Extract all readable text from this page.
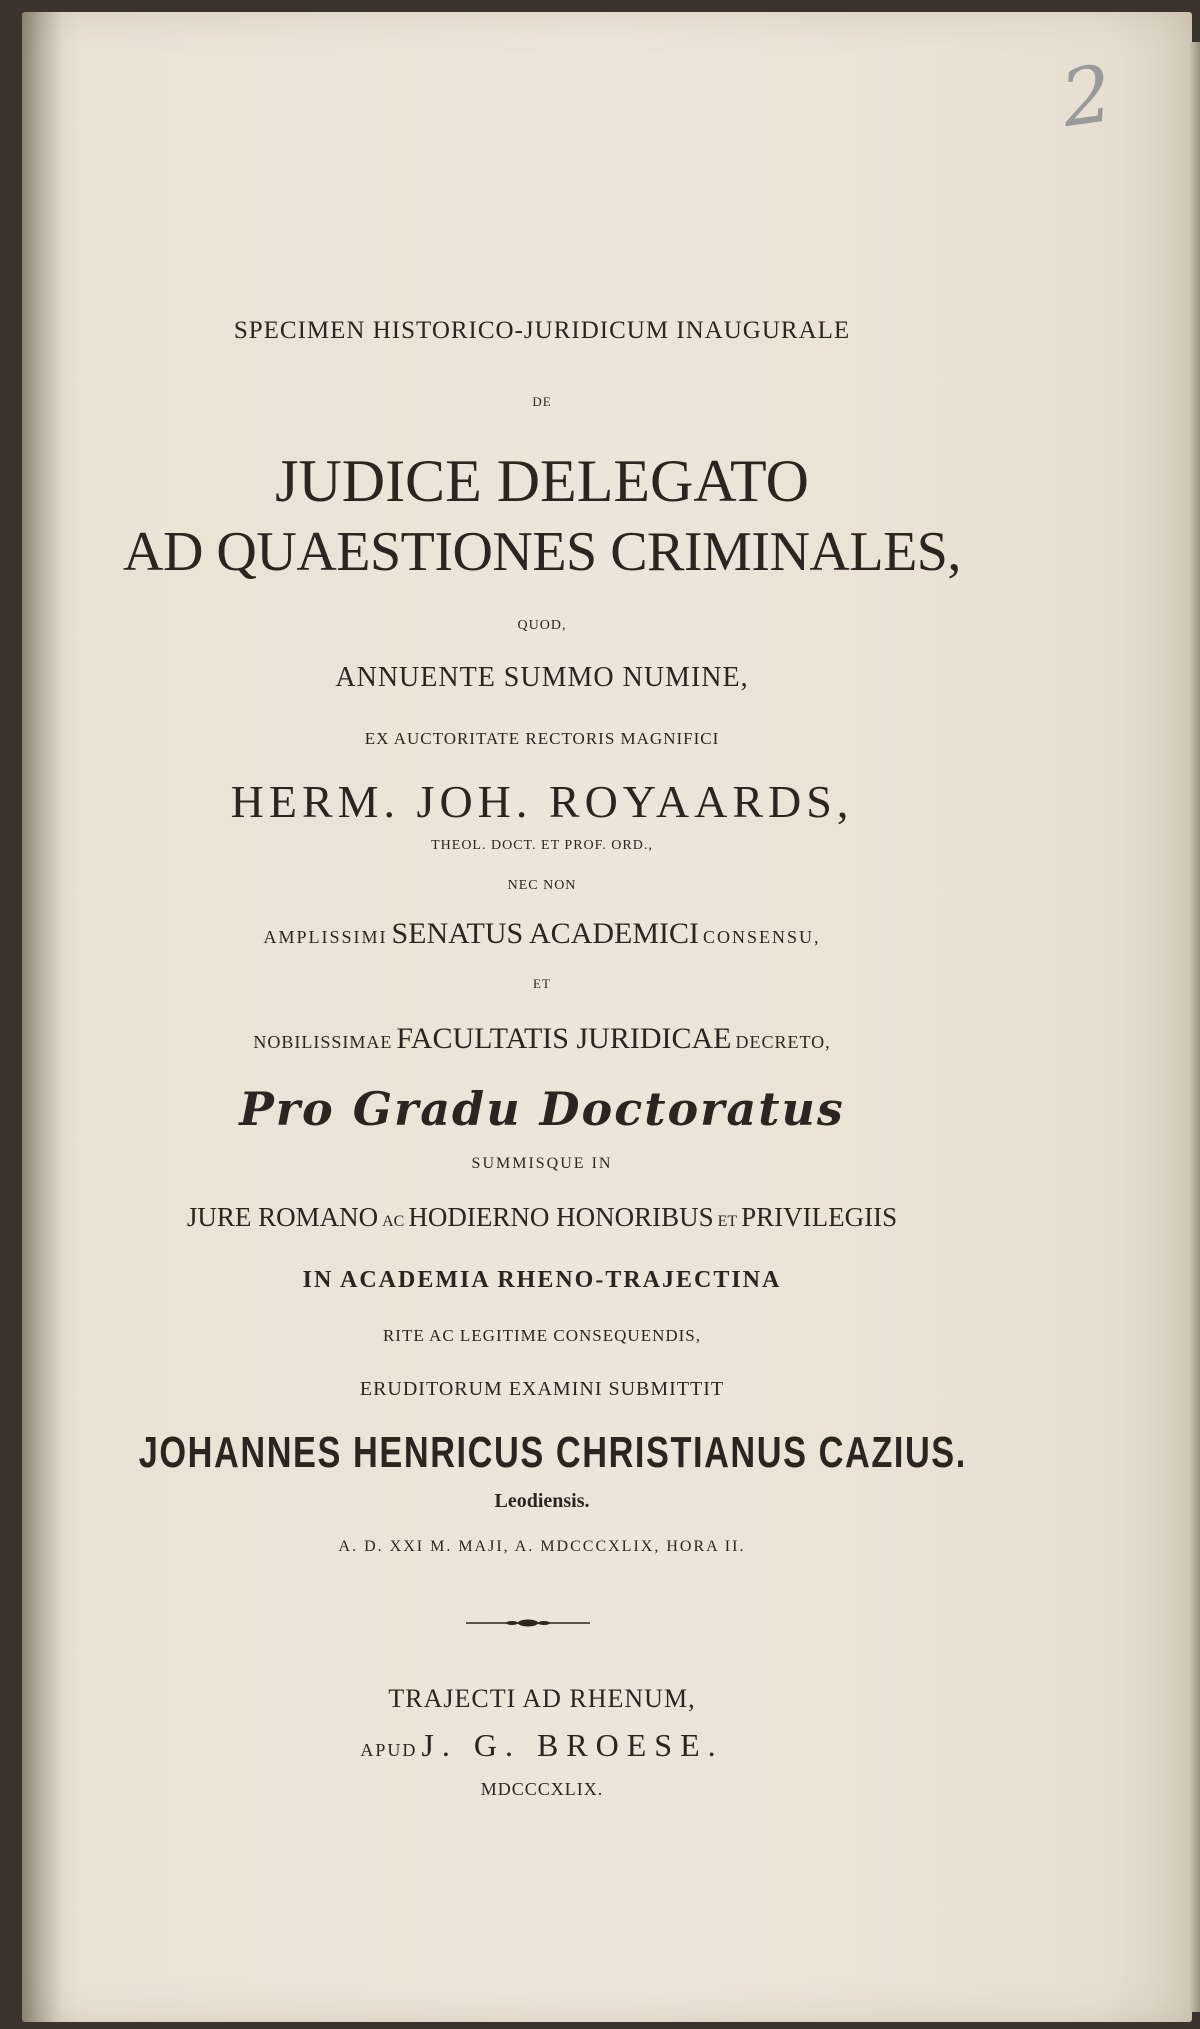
2
SPECIMEN HISTORICO-JURIDICUM INAUGURALE
DE
JUDICE DELEGATO
AD QUAESTIONES CRIMINALES,
QUOD,
ANNUENTE SUMMO NUMINE,
EX AUCTORITATE RECTORIS MAGNIFICI
HERM. JOH. ROYAARDS,
THEOL. DOCT. ET PROF. ORD.,
NEC NON
AMPLISSIMI SENATUS ACADEMICI CONSENSU,
ET
NOBILISSIMAE FACULTATIS JURIDICAE DECRETO,
Pro Gradu Doctoratus
SUMMISQUE IN
JURE ROMANO AC HODIERNO HONORIBUS ET PRIVILEGIIS
IN ACADEMIA RHENO-TRAJECTINA
RITE AC LEGITIME CONSEQUENDIS,
ERUDITORUM EXAMINI SUBMITTIT
JOHANNES HENRICUS CHRISTIANUS CAZIUS.
Leodiensis.
A. D. XXI M. MAJI, A. MDCCCXLIX, HORA II.
TRAJECTI AD RHENUM,
APUD J. G. BROESE.
MDCCCXLIX.
